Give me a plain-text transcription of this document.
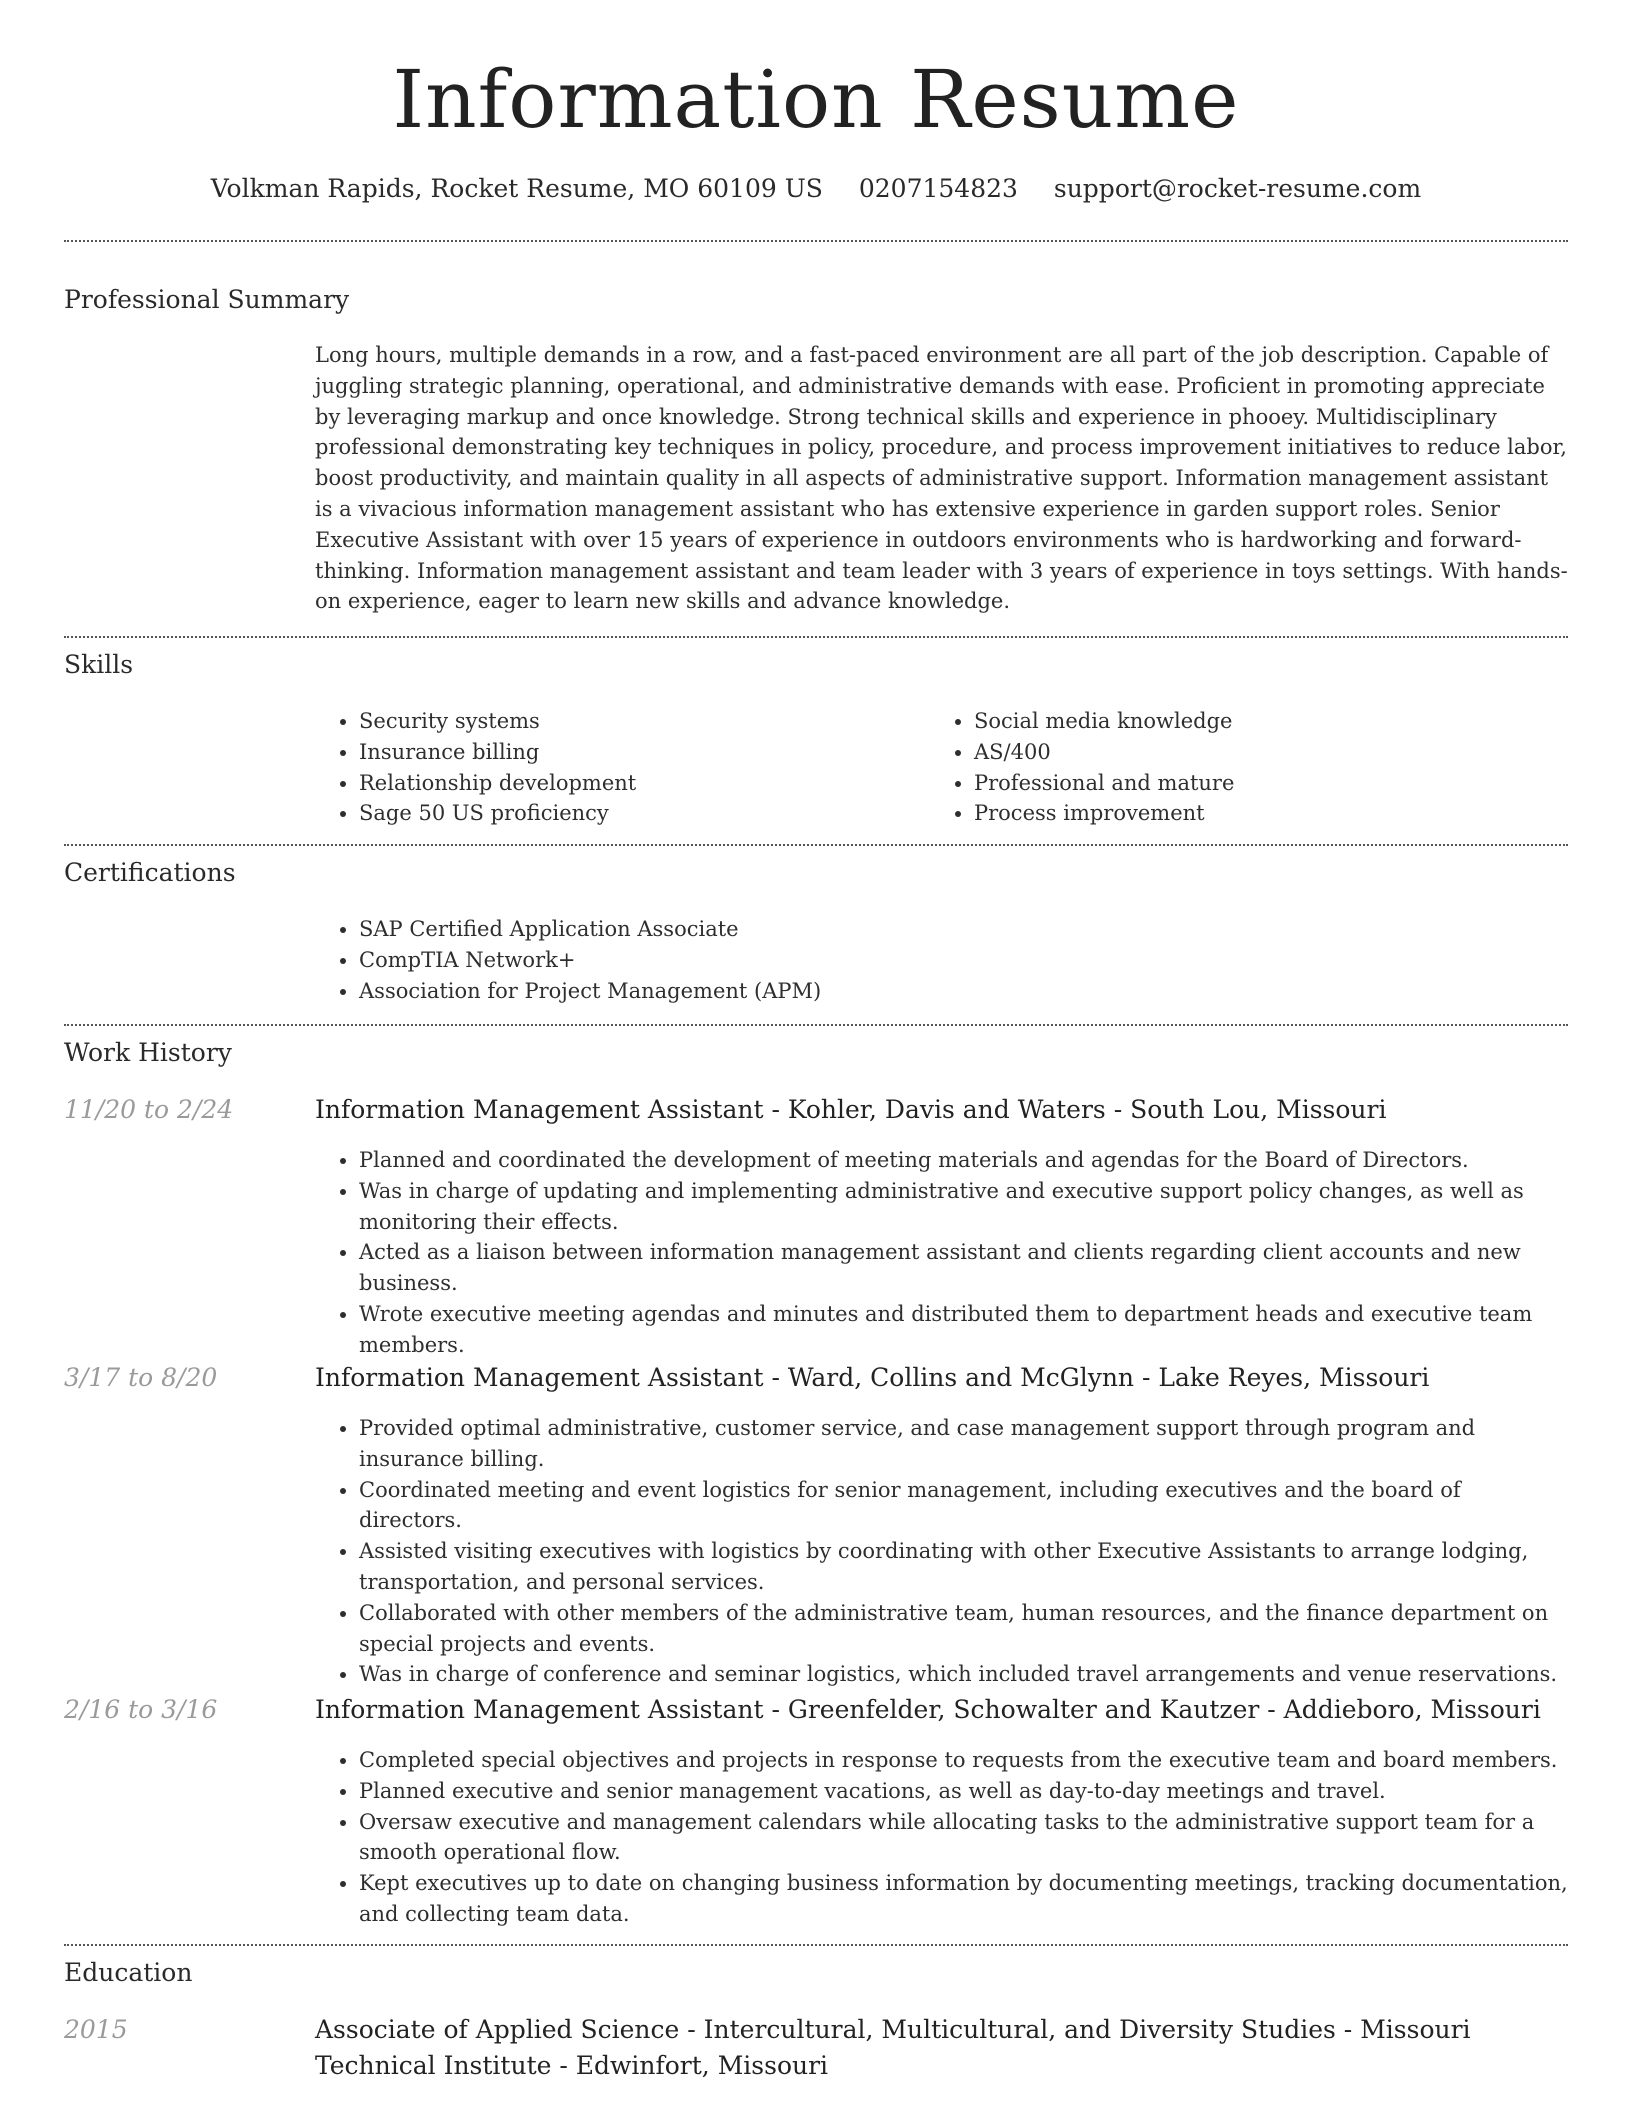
Information Resume
Volkman Rapids, Rocket Resume, MO 60109 US 0207154823 support@rocket-resume.com
Professional Summary
Long hours, multiple demands in a row, and a fast-paced environment are all part of the job description. Capable of juggling strategic planning, operational, and administrative demands with ease. Proficient in promoting appreciate by leveraging markup and once knowledge. Strong technical skills and experience in phooey. Multidisciplinary professional demonstrating key techniques in policy, procedure, and process improvement initiatives to reduce labor, boost productivity, and maintain quality in all aspects of administrative support. Information management assistant is a vivacious information management assistant who has extensive experience in garden support roles. Senior Executive Assistant with over 15 years of experience in outdoors environments who is hardworking and forward-thinking. Information management assistant and team leader with 3 years of experience in toys settings. With hands-on experience, eager to learn new skills and advance knowledge.
Skills
• Security systems
• Insurance billing
• Relationship development
• Sage 50 US proficiency
• Social media knowledge
• AS/400
• Professional and mature
• Process improvement
Certifications
• SAP Certified Application Associate
• CompTIA Network+
• Association for Project Management (APM)
Work History
11/20 to 2/24	Information Management Assistant - Kohler, Davis and Waters - South Lou, Missouri
• Planned and coordinated the development of meeting materials and agendas for the Board of Directors.
• Was in charge of updating and implementing administrative and executive support policy changes, as well as monitoring their effects.
• Acted as a liaison between information management assistant and clients regarding client accounts and new business.
• Wrote executive meeting agendas and minutes and distributed them to department heads and executive team members.
3/17 to 8/20	Information Management Assistant - Ward, Collins and McGlynn - Lake Reyes, Missouri
• Provided optimal administrative, customer service, and case management support through program and insurance billing.
• Coordinated meeting and event logistics for senior management, including executives and the board of directors.
• Assisted visiting executives with logistics by coordinating with other Executive Assistants to arrange lodging, transportation, and personal services.
• Collaborated with other members of the administrative team, human resources, and the finance department on special projects and events.
• Was in charge of conference and seminar logistics, which included travel arrangements and venue reservations.
2/16 to 3/16	Information Management Assistant - Greenfelder, Schowalter and Kautzer - Addieboro, Missouri
• Completed special objectives and projects in response to requests from the executive team and board members.
• Planned executive and senior management vacations, as well as day-to-day meetings and travel.
• Oversaw executive and management calendars while allocating tasks to the administrative support team for a smooth operational flow.
• Kept executives up to date on changing business information by documenting meetings, tracking documentation, and collecting team data.
Education
2015	Associate of Applied Science - Intercultural, Multicultural, and Diversity Studies - Missouri Technical Institute - Edwinfort, Missouri
